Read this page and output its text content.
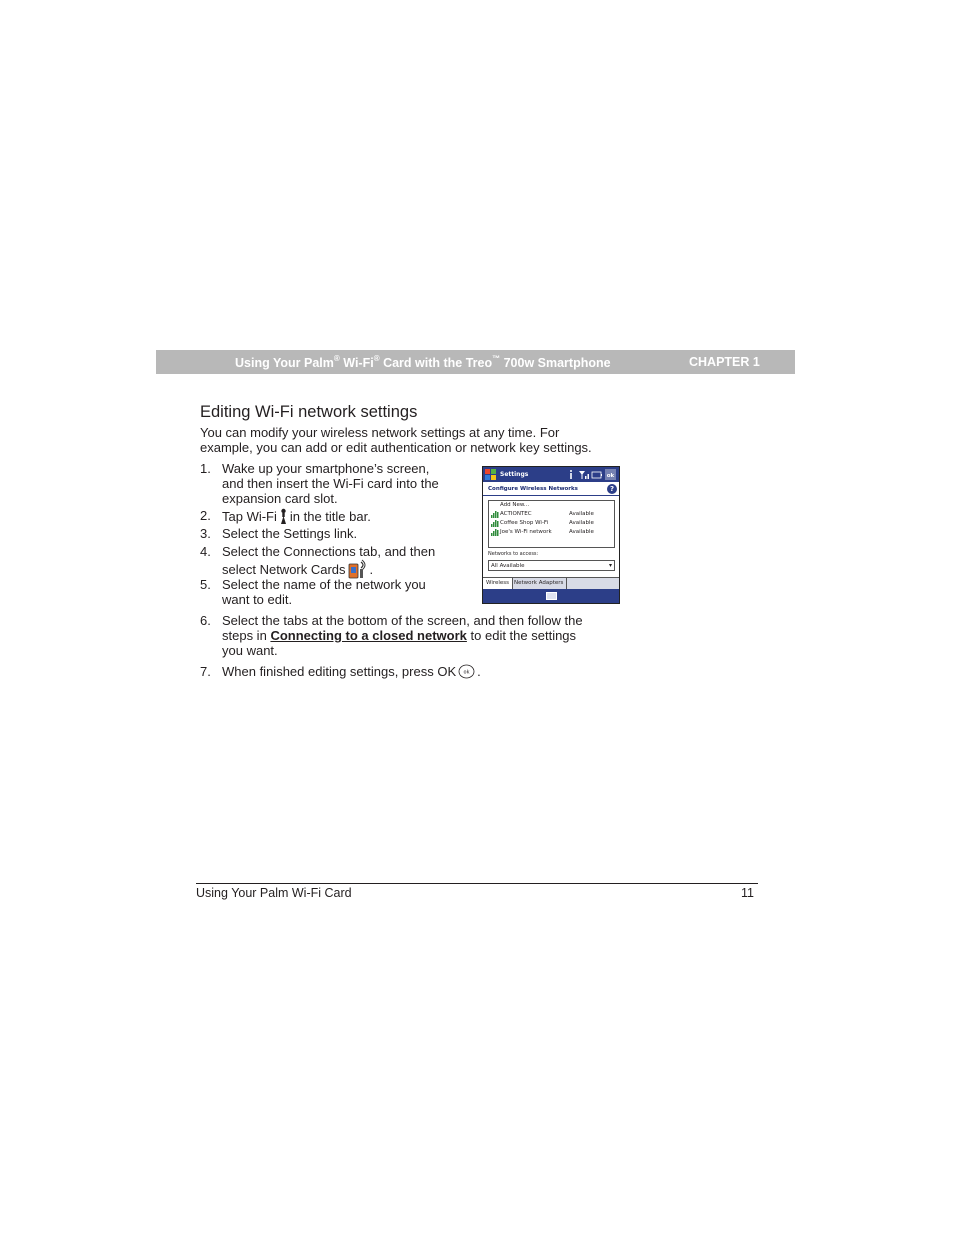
Using Your Palm® Wi-Fi® Card with the Treo™ 700w Smartphone	CHAPTER 1
Editing Wi-Fi network settings
You can modify your wireless network settings at any time. For
example, you can add or edit authentication or network key settings.
1. Wake up your smartphone’s screen,
and then insert the Wi-Fi card into the
expansion card slot.
2. Tap Wi-Fi in the title bar.
3. Select the Settings link.
4. Select the Connections tab, and then
select Network Cards .
5. Select the name of the network you
want to edit.
6. Select the tabs at the bottom of the screen, and then follow the
steps in Connecting to a closed network to edit the settings
you want.
7. When finished editing settings, press OK ok .
Settings	ok
Configure Wireless Networks	?
Add New...
ACTIONTEC	Available
Coffee Shop Wi-Fi	Available
Joe's Wi-Fi network	Available
Networks to access:
All Available	▾
Wireless Network Adapters
Using Your Palm Wi-Fi Card	11
